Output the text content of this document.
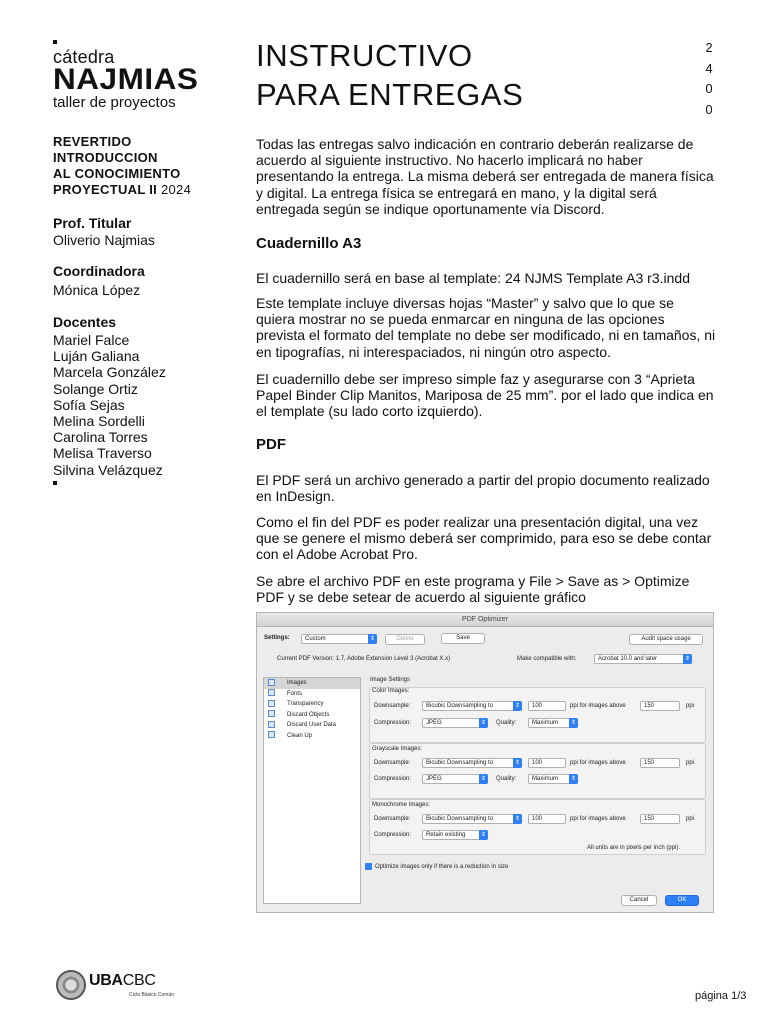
cátedra
NAJMIAS
taller de proyectos
REVERTIDO
INTRODUCCION
AL CONOCIMIENTO
PROYECTUAL II 2024
Prof. Titular
Oliverio Najmias
Coordinadora
Mónica López
Docentes
Mariel Falce
Luján Galiana
Marcela González
Solange Ortiz
Sofía Sejas
Melina Sordelli
Carolina Torres
Melisa Traverso
Silvina Velázquez
INSTRUCTIVO
PARA ENTREGAS
2
4
0
0
Todas las entregas salvo indicación en contrario deberán realizarse de acuerdo al siguiente instructivo. No hacerlo implicará no haber presentando la entrega. La misma deberá ser entregada de manera física y digital. La entrega física se entregará en mano, y la digital será entregada según se indique oportunamente vía Discord.
Cuadernillo A3
El cuadernillo será en base al template: 24 NJMS Template A3 r3.indd
Este template incluye diversas hojas “Master” y salvo que lo que se quiera mostrar no se pueda enmarcar en ninguna de las opciones prevista el formato del template no debe ser modificado, ni en tamaños, ni en tipografías, ni interespaciados, ni ningún otro aspecto.
El cuadernillo debe ser impreso simple faz y asegurarse con 3 “Aprieta Papel Binder Clip Manitos, Mariposa de 25 mm”. por el lado que indica en el template (su lado corto izquierdo).
PDF
El PDF será un archivo generado a partir del propio documento realizado en InDesign.
Como el fin del PDF es poder realizar una presentación digital, una vez que se genere el mismo deberá ser comprimido, para eso se debe contar con el Adobe Acrobat Pro.
Se abre el archivo PDF en este programa y File > Save as > Optimize PDF y se debe setear de acuerdo al siguiente gráfico
PDF Optimizer
Settings:	Custom	⇕	Delete	Save	Audit space usage
Current PDF Version: 1.7, Adobe Extension Level 3 (Acrobat X.x)	Make compatible with:	Acrobat 10.0 and later	⇕
Images
Fonts
Transparency
Discard Objects
Discard User Data
Clean Up
Image Settings
Color Images:
Downsample:	Bicubic Downsampling to	⇕	100	ppi for images above	150	ppi
Compression:	JPEG	⇕	Quality:	Maximum	⇕
Grayscale Images:
Downsample:	Bicubic Downsampling to	⇕	100	ppi for images above	150	ppi
Compression:	JPEG	⇕	Quality:	Maximum	⇕
Monochrome Images:
Downsample:	Bicubic Downsampling to	⇕	100	ppi for images above	150	ppi
Compression:	Retain existing	⇕
All units are in pixels per inch (ppi).
Optimize images only if there is a reduction in size
Cancel	OK
UBACBC
Ciclo Básico Común	página 1/3
